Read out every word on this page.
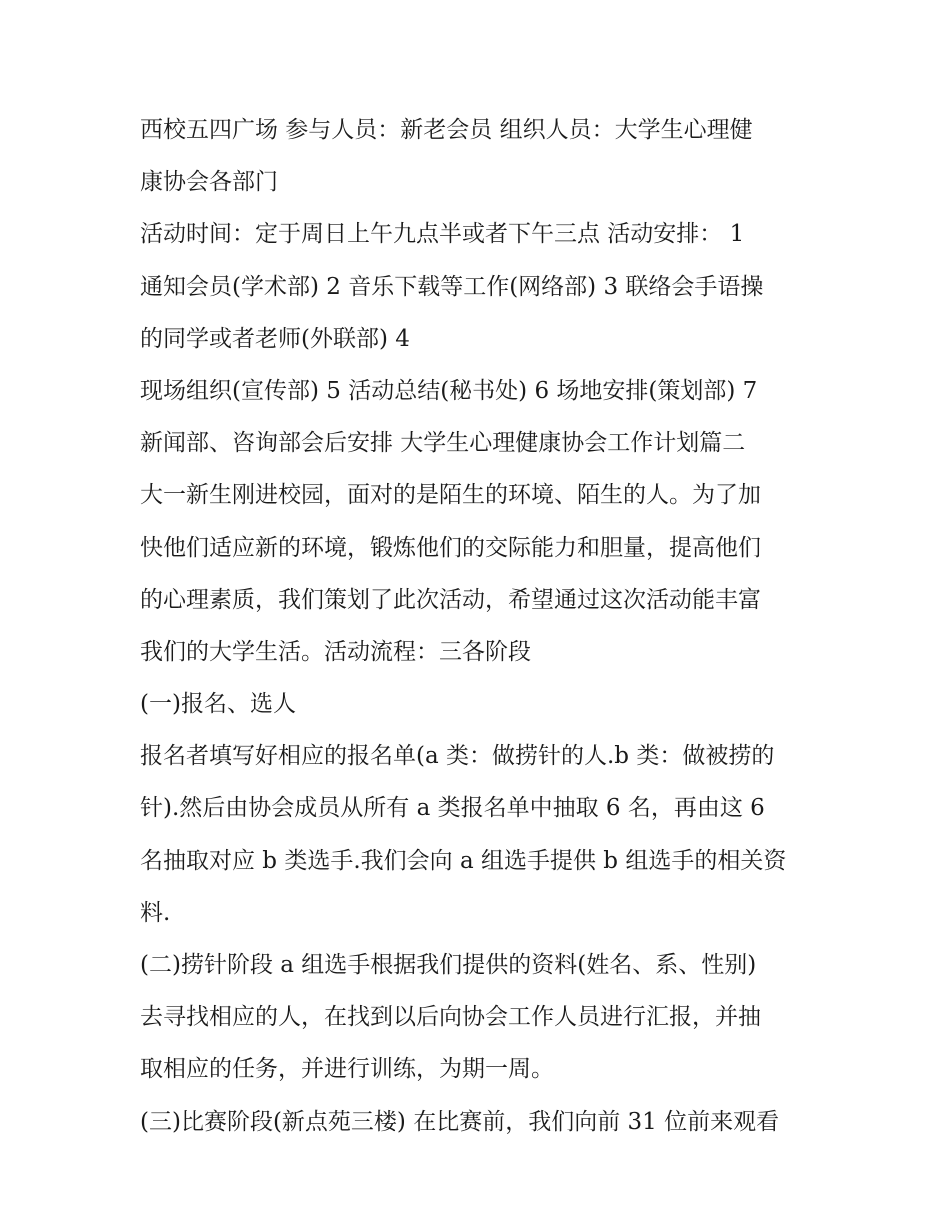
西校五四广场 参与人员：新老会员 组织人员：大学生心理健
康协会各部门
活动时间：定于周日上午九点半或者下午三点 活动安排： 1
通知会员(学术部) 2 音乐下载等工作(网络部) 3 联络会手语操
的同学或者老师(外联部) 4
现场组织(宣传部) 5 活动总结(秘书处) 6 场地安排(策划部) 7
新闻部、咨询部会后安排 大学生心理健康协会工作计划篇二
大一新生刚进校园，面对的是陌生的环境、陌生的人。为了加
快他们适应新的环境，锻炼他们的交际能力和胆量，提高他们
的心理素质，我们策划了此次活动，希望通过这次活动能丰富
我们的大学生活。活动流程：三各阶段
(一)报名、选人
报名者填写好相应的报名单(a 类：做捞针的人.b 类：做被捞的
针).然后由协会成员从所有 a 类报名单中抽取 6 名，再由这 6
名抽取对应 b 类选手.我们会向 a 组选手提供 b 组选手的相关资
料.
(二)捞针阶段 a 组选手根据我们提供的资料(姓名、系、性别)
去寻找相应的人，在找到以后向协会工作人员进行汇报，并抽
取相应的任务，并进行训练，为期一周。
(三)比赛阶段(新点苑三楼) 在比赛前，我们向前 31 位前来观看
